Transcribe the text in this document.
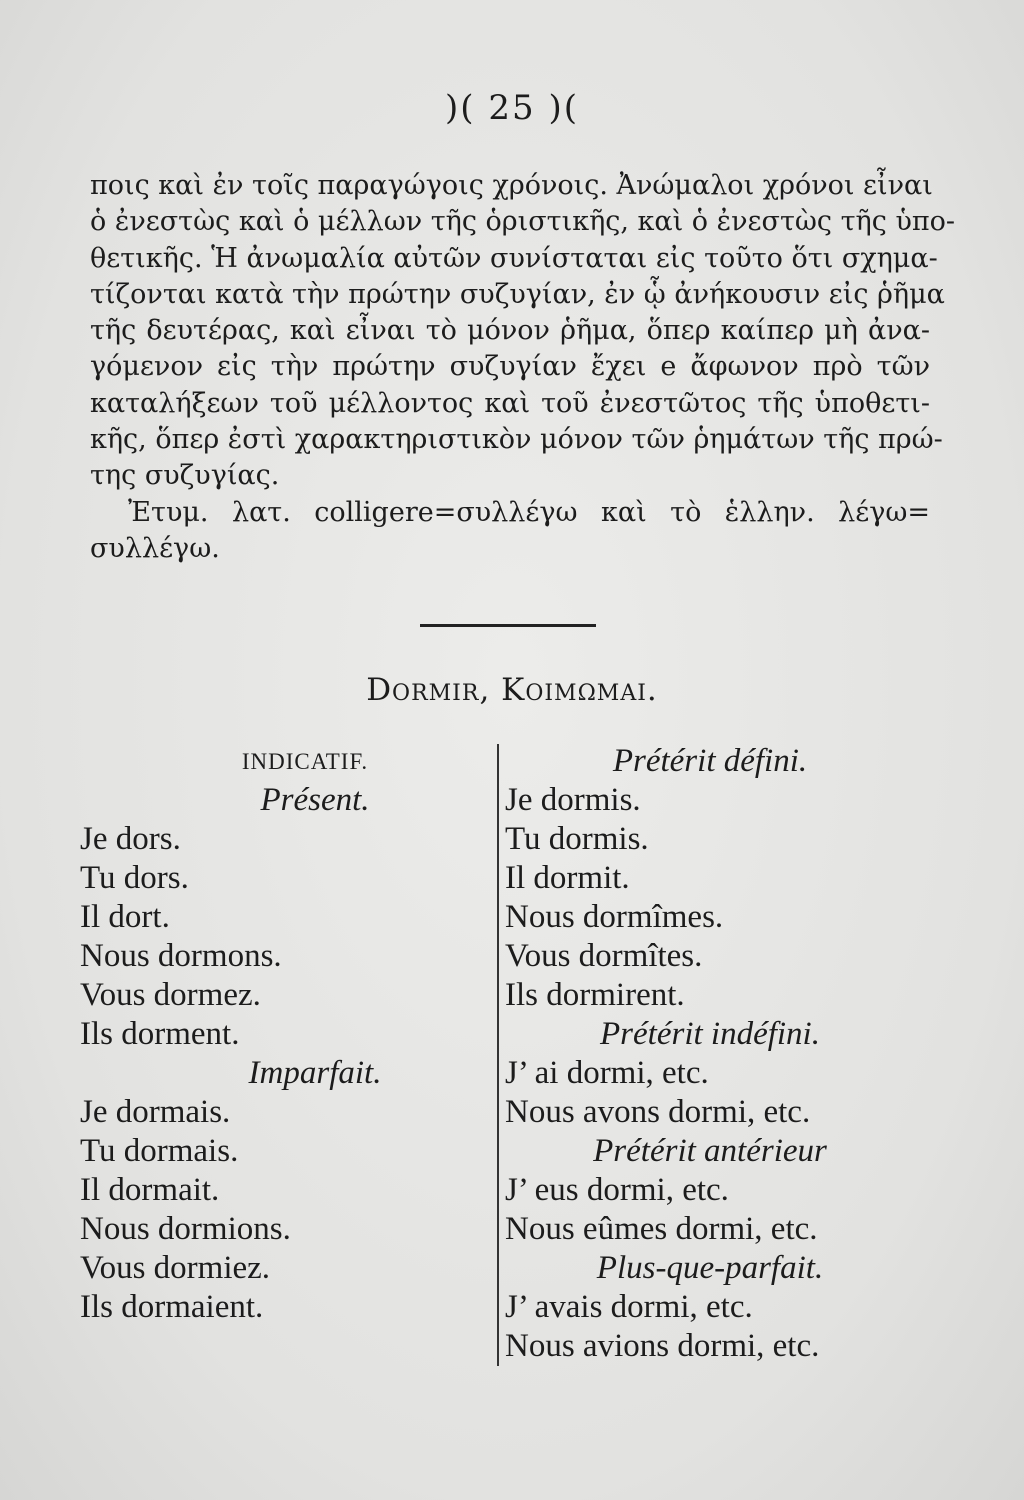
)( 25 )(
ποις καὶ ἐν τοῖς παραγώγοις χρόνοις. Ἀνώμαλοι χρόνοι εἶναι
ὁ ἐνεστὼς καὶ ὁ μέλλων τῆς ὁριστικῆς, καὶ ὁ ἐνεστὼς τῆς ὑπο-
θετικῆς. Ἡ ἀνωμαλία αὐτῶν συνίσταται εἰς τοῦτο ὅτι σχημα-
τίζονται κατὰ τὴν πρώτην συζυγίαν, ἐν ᾧ ἀνήκουσιν εἰς ῥῆμα
τῆς δευτέρας, καὶ εἶναι τὸ μόνον ῥῆμα, ὅπερ καίπερ μὴ ἀνα-
γόμενον εἰς τὴν πρώτην συζυγίαν ἔχει e ἄφωνον πρὸ τῶν
καταλήξεων τοῦ μέλλοντος καὶ τοῦ ἐνεστῶτος τῆς ὑποθετι-
κῆς, ὅπερ ἐστὶ χαρακτηριστικὸν μόνον τῶν ῥημάτων τῆς πρώ-
της συζυγίας.
Ἐτυμ. λατ. colligere=συλλέγω καὶ τὸ ἑλλην. λέγω=
συλλέγω.
Dormir, Κοιμωμαι.
INDICATIF.
Présent.
Je dors.
Tu dors.
Il dort.
Nous dormons.
Vous dormez.
Ils dorment.
Imparfait.
Je dormais.
Tu dormais.
Il dormait.
Nous dormions.
Vous dormiez.
Ils dormaient.
Prétérit défini.
Je dormis.
Tu dormis.
Il dormit.
Nous dormîmes.
Vous dormîtes.
Ils dormirent.
Prétérit indéfini.
J’ ai dormi, etc.
Nous avons dormi, etc.
Prétérit antérieur
J’ eus dormi, etc.
Nous eûmes dormi, etc.
Plus-que-parfait.
J’ avais dormi, etc.
Nous avions dormi, etc.
